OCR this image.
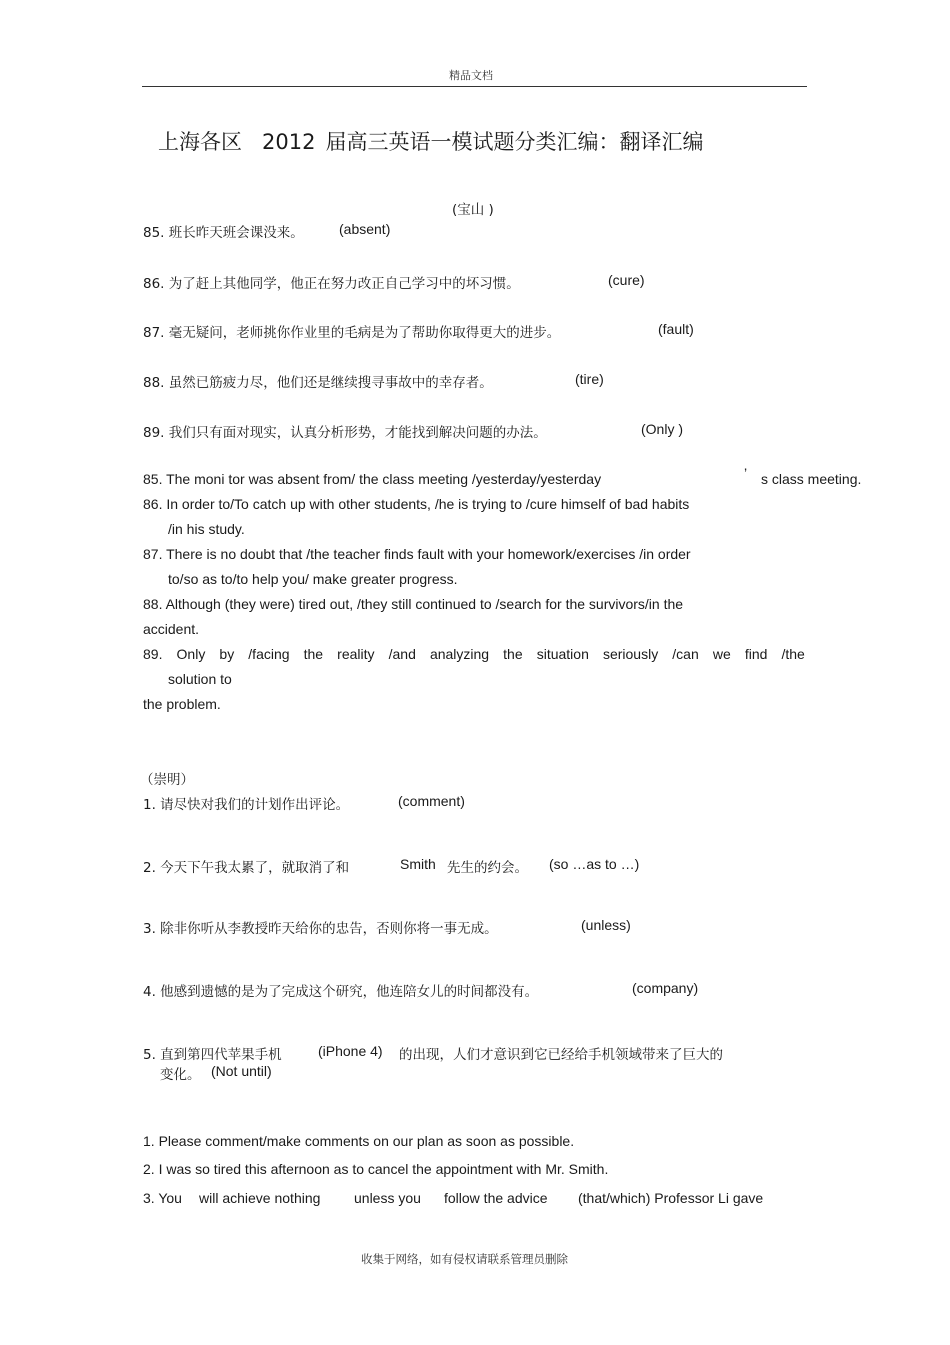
精品文档
上海各区 2012 届高三英语一模试题分类汇编：翻译汇编
(宝山 )
85. 班长昨天班会课没来。	(absent)
86. 为了赶上其他同学，他正在努力改正自己学习中的坏习惯。	(cure)
87. 毫无疑问，老师挑你作业里的毛病是为了帮助你取得更大的进步。	(fault)
88. 虽然已筋疲力尽，他们还是继续搜寻事故中的幸存者。	(tire)
89. 我们只有面对现实，认真分析形势，才能找到解决问题的办法。	(Only )
85. The moni tor was absent from/ the class meeting /yesterday/yesterday	’ s class meeting.
86. In order to/To catch up with other students, /he is trying to /cure himself of bad habits
/in his study.
87. There is no doubt that /the teacher finds fault with your homework/exercises /in order
to/so as to/to help you/ make greater progress.
88. Although (they were) tired out, /they still continued to /search for the survivors/in the
accident.
89. Only by /facing the reality /and analyzing the situation seriously /can we find /the
solution to
the problem.
（崇明）
1. 请尽快对我们的计划作出评论。	(comment)
2. 今天下午我太累了，就取消了和	Smith 先生的约会。 (so …as to …)
3. 除非你听从李教授昨天给你的忠告，否则你将一事无成。	(unless)
4. 他感到遗憾的是为了完成这个研究，他连陪女儿的时间都没有。	(company)
5. 直到第四代苹果手机	(iPhone 4) 的出现，人们才意识到它已经给手机领域带来了巨大的
变化。 (Not until)
1. Please comment/make comments on our plan as soon as possible.
2. I was so tired this afternoon as to cancel the appointment with Mr. Smith.
3. You will achieve nothing unless you follow the advice (that/which) Professor Li gave
收集于网络，如有侵权请联系管理员删除
